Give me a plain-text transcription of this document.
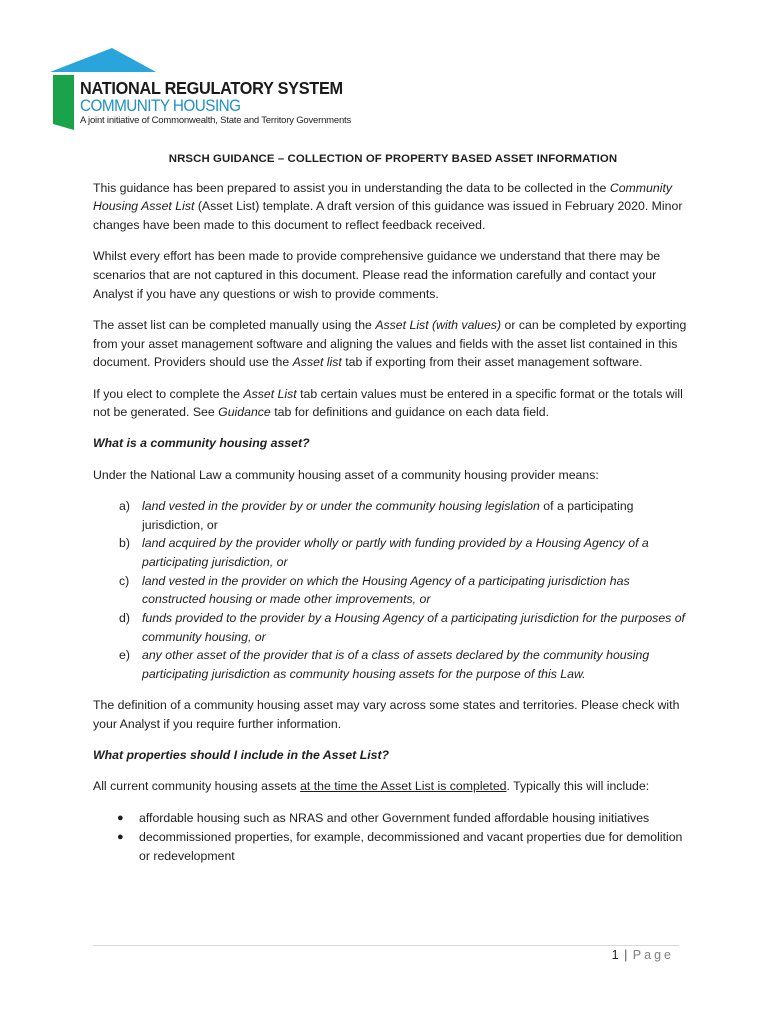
NATIONAL REGULATORY SYSTEM
COMMUNITY HOUSING
A joint initiative of Commonwealth, State and Territory Governments
NRSCH GUIDANCE – COLLECTION OF PROPERTY BASED ASSET INFORMATION

This guidance has been prepared to assist you in understanding the data to be collected in the Community Housing Asset List (Asset List) template. A draft version of this guidance was issued in February 2020. Minor changes have been made to this document to reflect feedback received.

Whilst every effort has been made to provide comprehensive guidance we understand that there may be scenarios that are not captured in this document. Please read the information carefully and contact your Analyst if you have any questions or wish to provide comments.

The asset list can be completed manually using the Asset List (with values) or can be completed by exporting from your asset management software and aligning the values and fields with the asset list contained in this document. Providers should use the Asset list tab if exporting from their asset management software.

If you elect to complete the Asset List tab certain values must be entered in a specific format or the totals will not be generated. See Guidance tab for definitions and guidance on each data field.

What is a community housing asset?

Under the National Law a community housing asset of a community housing provider means:

a) land vested in the provider by or under the community housing legislation of a participating jurisdiction, or
b) land acquired by the provider wholly or partly with funding provided by a Housing Agency of a participating jurisdiction, or
c) land vested in the provider on which the Housing Agency of a participating jurisdiction has constructed housing or made other improvements, or
d) funds provided to the provider by a Housing Agency of a participating jurisdiction for the purposes of community housing, or
e) any other asset of the provider that is of a class of assets declared by the community housing participating jurisdiction as community housing assets for the purpose of this Law.

The definition of a community housing asset may vary across some states and territories. Please check with your Analyst if you require further information.

What properties should I include in the Asset List?

All current community housing assets at the time the Asset List is completed. Typically this will include:

● affordable housing such as NRAS and other Government funded affordable housing initiatives
● decommissioned properties, for example, decommissioned and vacant properties due for demolition or redevelopment
1 | Page
